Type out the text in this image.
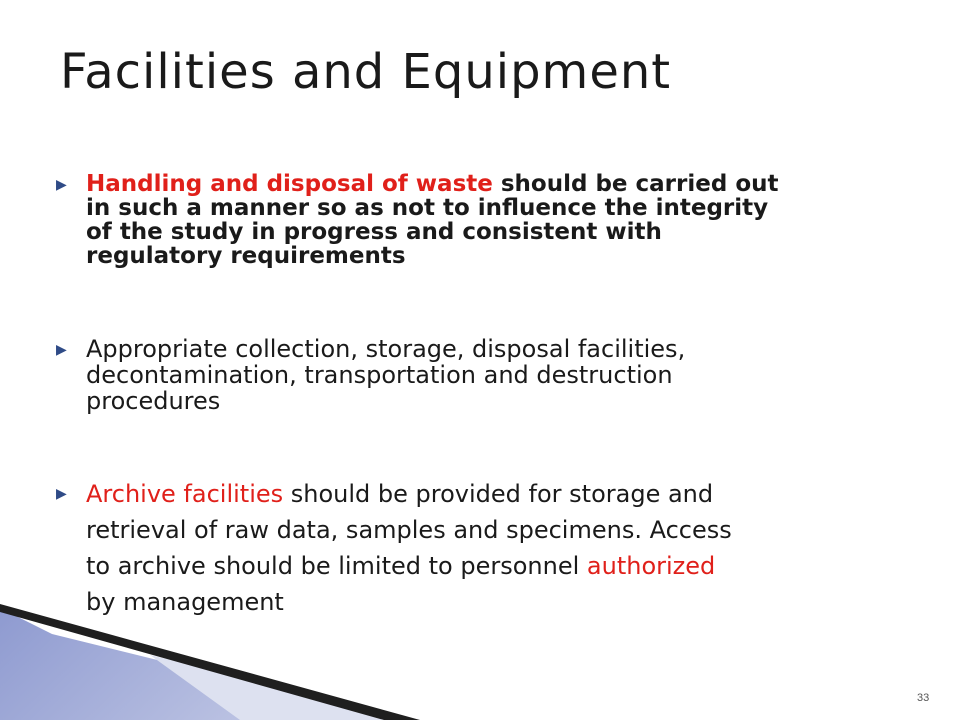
Facilities and Equipment
▶ Handling and disposal of waste should be carried out
in such a manner so as not to influence the integrity
of the study in progress and consistent with
regulatory requirements
▶ Appropriate collection, storage, disposal facilities,
decontamination, transportation and destruction
procedures
▶ Archive facilities should be provided for storage and
retrieval of raw data, samples and specimens. Access
to archive should be limited to personnel authorized
by management
33
